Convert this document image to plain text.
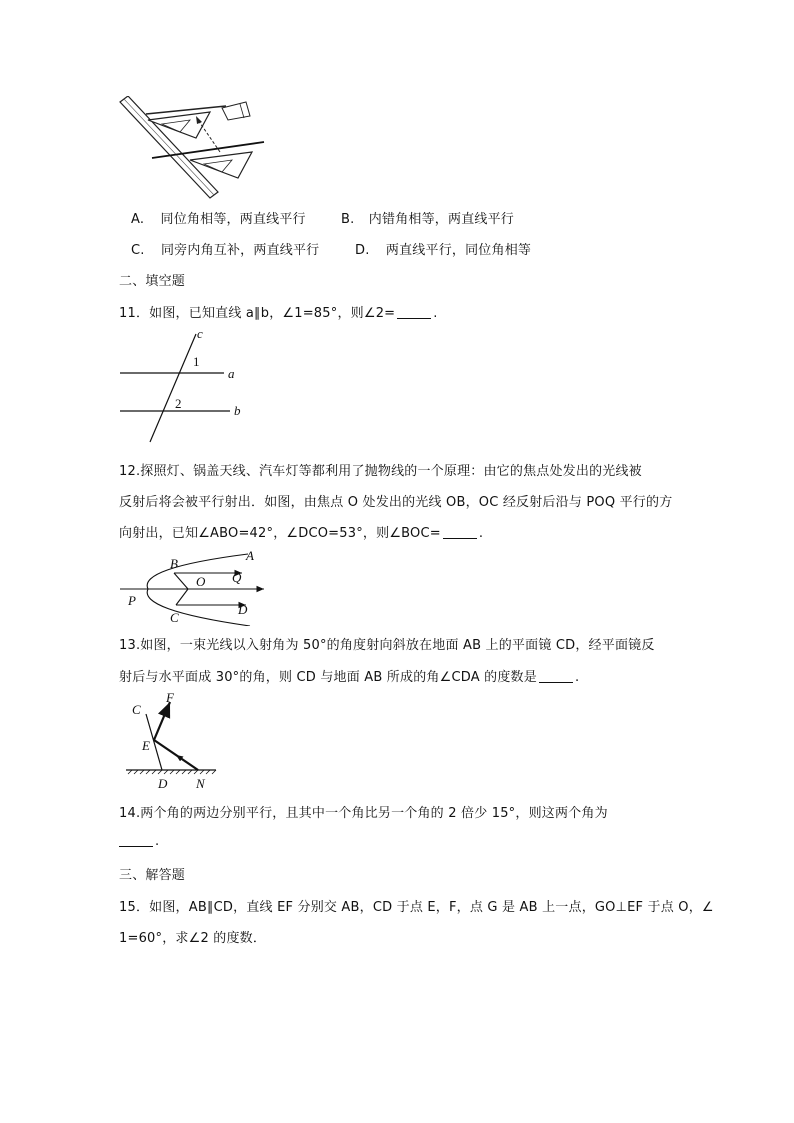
A. 同位角相等，两直线平行	B. 内错角相等，两直线平行
C. 同旁内角互补，两直线平行	D. 两直线平行，同位角相等
二、填空题
11．如图，已知直线 a∥b，∠1=85°，则∠2=	.
c
1
a
2	b
12.探照灯、锅盖天线、汽车灯等都利用了抛物线的一个原理：由它的焦点处发出的光线被
反射后将会被平行射出．如图，由焦点 O 处发出的光线 OB，OC 经反射后沿与 POQ 平行的方
向射出，已知∠ABO=42°，∠DCO=53°，则∠BOC=	.
A
B
O Q
P
C
D
13.如图，一束光线以入射角为 50°的角度射向斜放在地面 AB 上的平面镜 CD，经平面镜反
射后与水平面成 30°的角，则 CD 与地面 AB 所成的角∠CDA 的度数是	.
C
F
E
D N
14.两个角的两边分别平行，且其中一个角比另一个角的 2 倍少 15°，则这两个角为
.
三、解答题
15．如图，AB∥CD，直线 EF 分别交 AB，CD 于点 E，F，点 G 是 AB 上一点，GO⊥EF 于点 O，∠
1=60°，求∠2 的度数．
